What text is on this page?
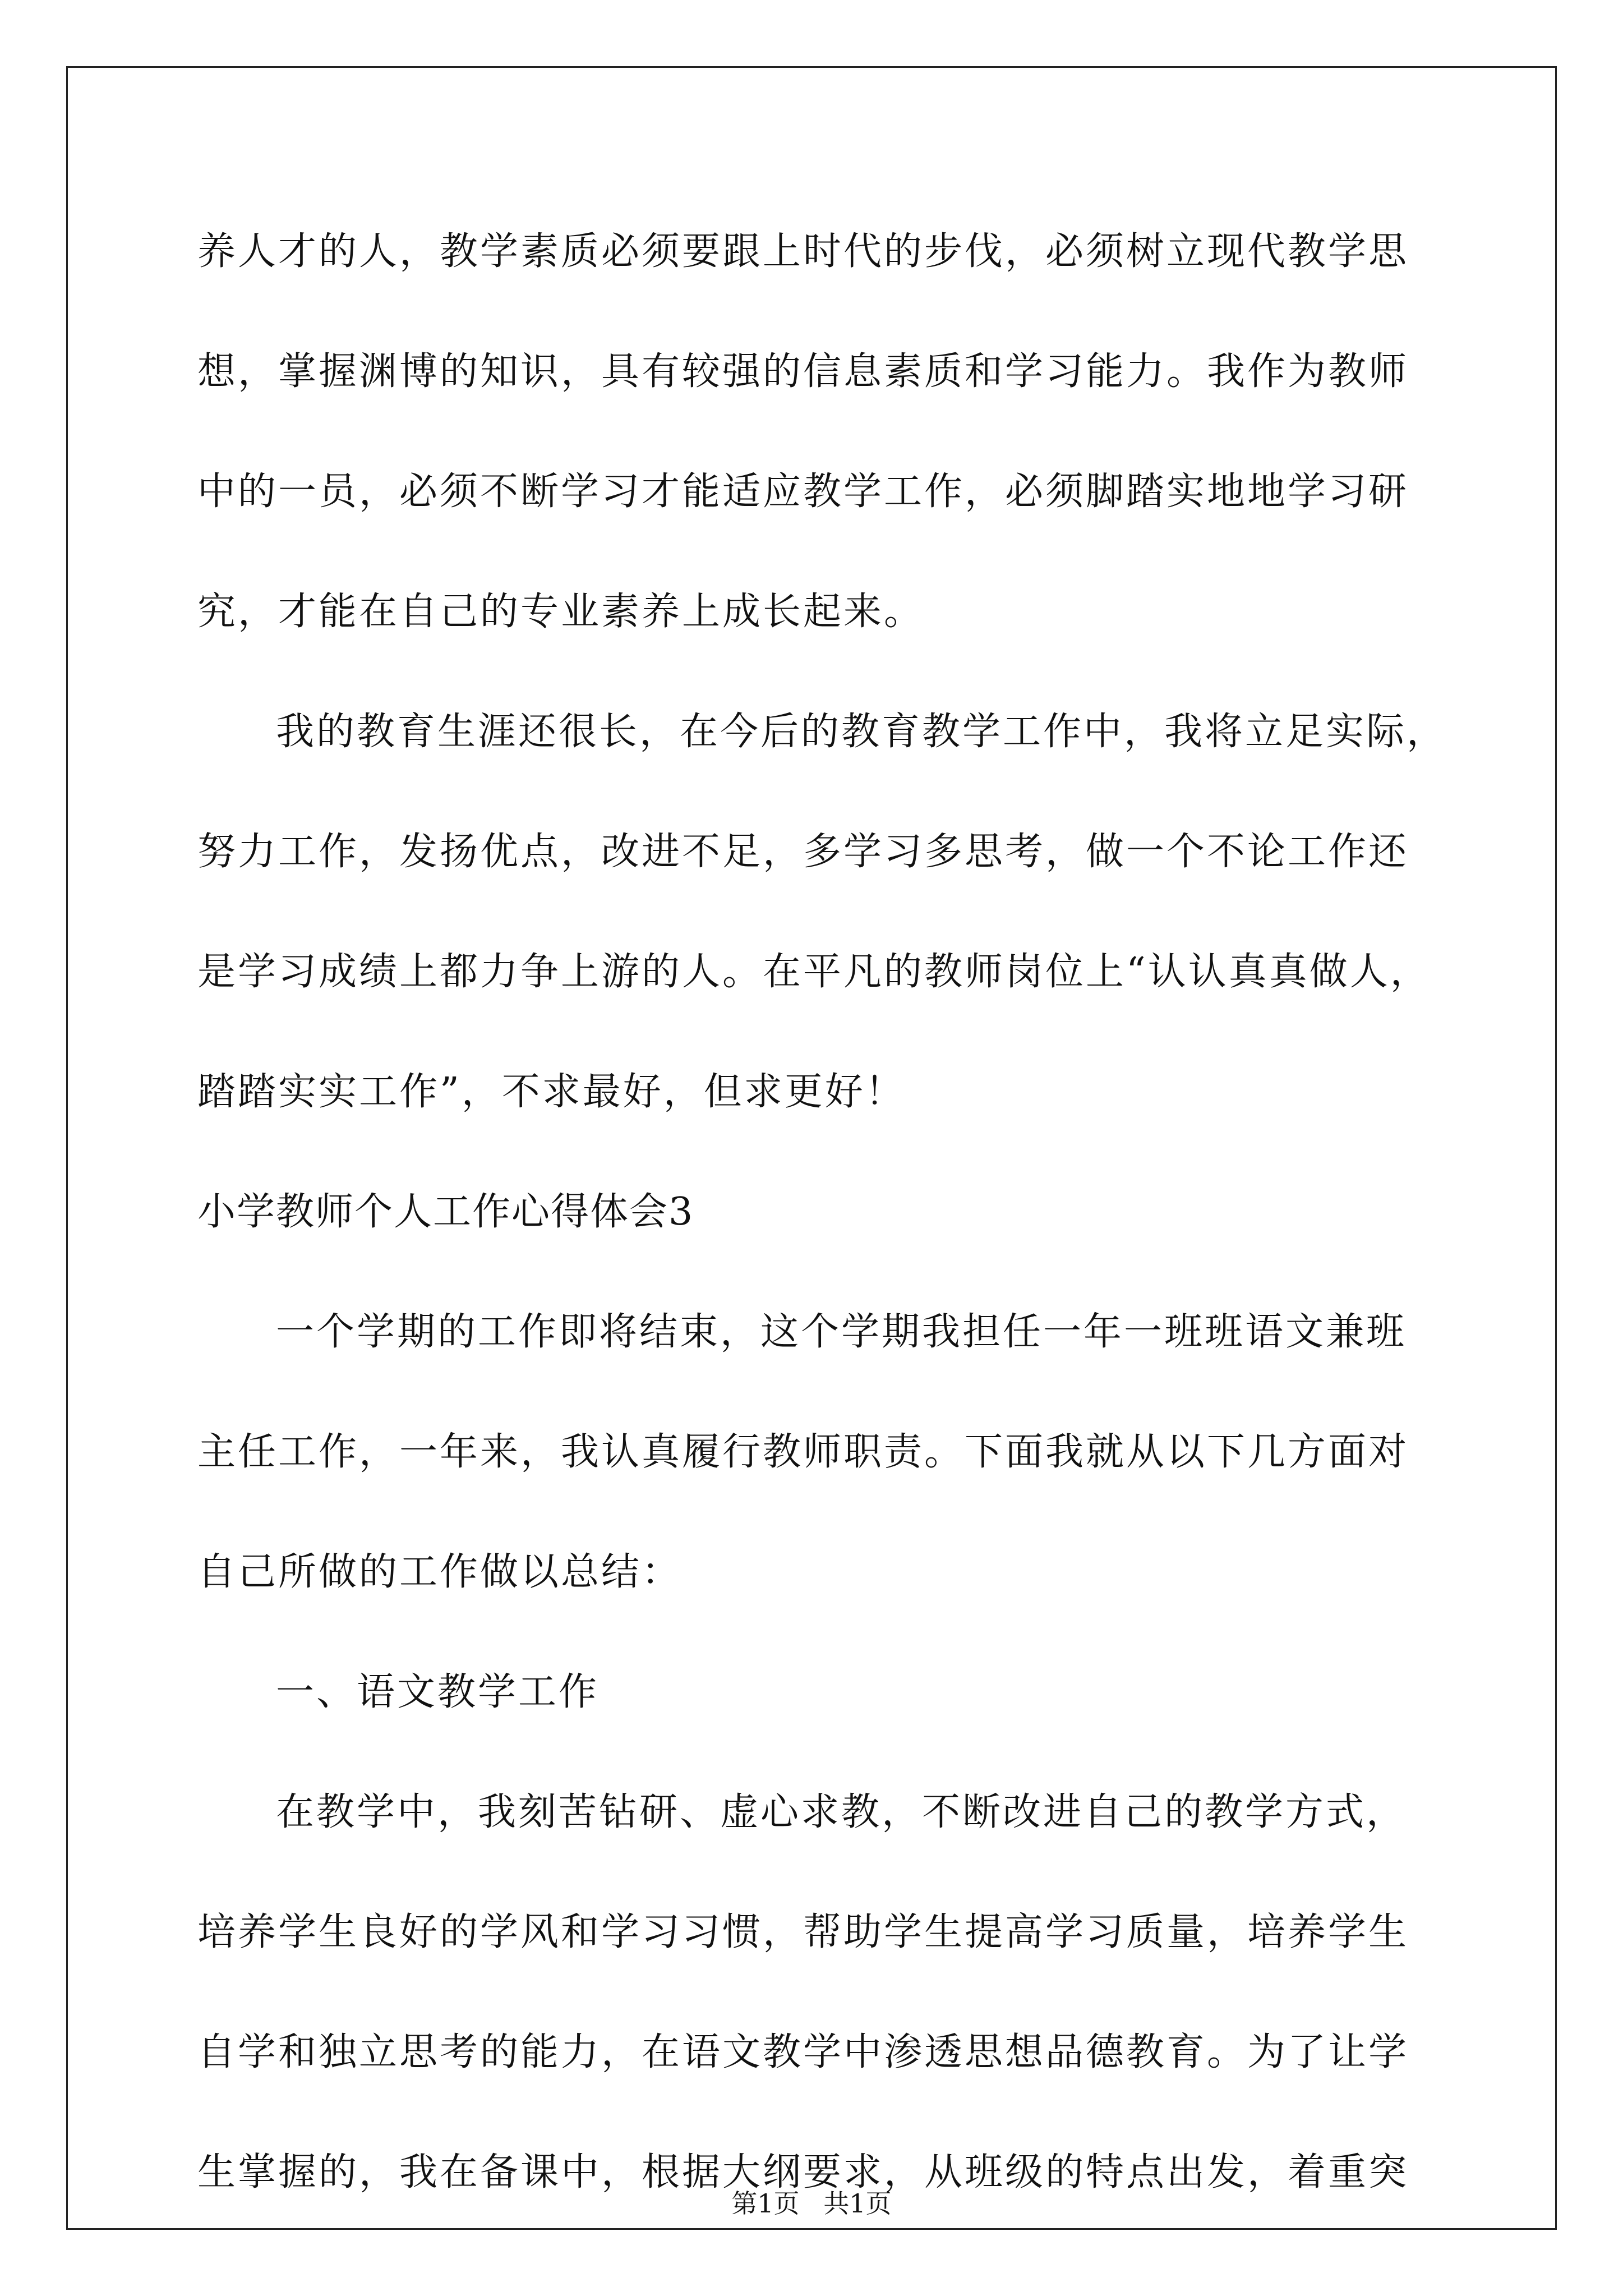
养人才的人，教学素质必须要跟上时代的步伐，必须树立现代教学思
想，掌握渊博的知识，具有较强的信息素质和学习能力。我作为教师
中的一员，必须不断学习才能适应教学工作，必须脚踏实地地学习研
究，才能在自己的专业素养上成长起来。
我的教育生涯还很长，在今后的教育教学工作中，我将立足实际，
努力工作，发扬优点，改进不足，多学习多思考，做一个不论工作还
是学习成绩上都力争上游的人。在平凡的教师岗位上“认认真真做人，
踏踏实实工作”，不求最好，但求更好！
小学教师个人工作心得体会3
一个学期的工作即将结束，这个学期我担任一年一班班语文兼班
主任工作，一年来，我认真履行教师职责。下面我就从以下几方面对
自己所做的工作做以总结：
一、语文教学工作
在教学中，我刻苦钻研、虚心求教，不断改进自己的教学方式，
培养学生良好的学风和学习习惯，帮助学生提高学习质量，培养学生
自学和独立思考的能力，在语文教学中渗透思想品德教育。为了让学
生掌握的，我在备课中，根据大纲要求，从班级的特点出发，着重突
第1页 共1页
